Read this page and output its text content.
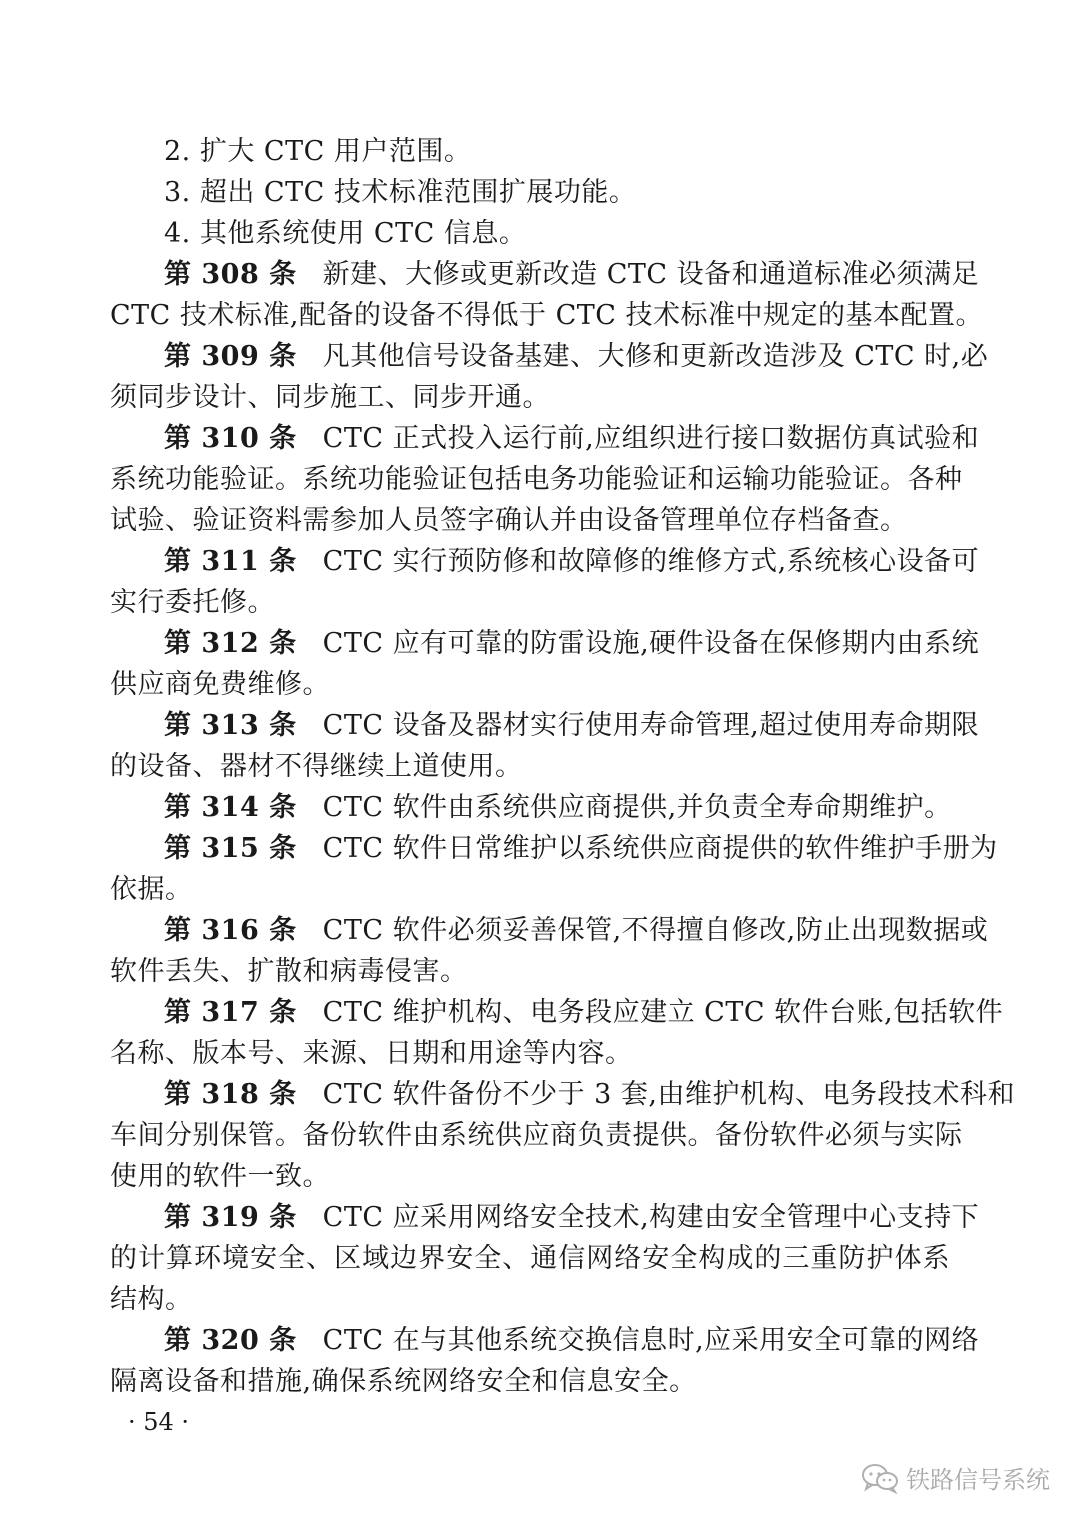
2. 扩大 CTC 用户范围。
3. 超出 CTC 技术标准范围扩展功能。
4. 其他系统使用 CTC 信息。
第 308 条 新建、大修或更新改造 CTC 设备和通道标准必须满足
CTC 技术标准,配备的设备不得低于 CTC 技术标准中规定的基本配置。
第 309 条 凡其他信号设备基建、大修和更新改造涉及 CTC 时,必
须同步设计、同步施工、同步开通。
第 310 条 CTC 正式投入运行前,应组织进行接口数据仿真试验和
系统功能验证。系统功能验证包括电务功能验证和运输功能验证。各种
试验、验证资料需参加人员签字确认并由设备管理单位存档备查。
第 311 条 CTC 实行预防修和故障修的维修方式,系统核心设备可
实行委托修。
第 312 条 CTC 应有可靠的防雷设施,硬件设备在保修期内由系统
供应商免费维修。
第 313 条 CTC 设备及器材实行使用寿命管理,超过使用寿命期限
的设备、器材不得继续上道使用。
第 314 条 CTC 软件由系统供应商提供,并负责全寿命期维护。
第 315 条 CTC 软件日常维护以系统供应商提供的软件维护手册为
依据。
第 316 条 CTC 软件必须妥善保管,不得擅自修改,防止出现数据或
软件丢失、扩散和病毒侵害。
第 317 条 CTC 维护机构、电务段应建立 CTC 软件台账,包括软件
名称、版本号、来源、日期和用途等内容。
第 318 条 CTC 软件备份不少于 3 套,由维护机构、电务段技术科和
车间分别保管。备份软件由系统供应商负责提供。备份软件必须与实际
使用的软件一致。
第 319 条 CTC 应采用网络安全技术,构建由安全管理中心支持下
的计算环境安全、区域边界安全、通信网络安全构成的三重防护体系
结构。
第 320 条 CTC 在与其他系统交换信息时,应采用安全可靠的网络
隔离设备和措施,确保系统网络安全和信息安全。
· 54 ·
铁路信号系统
